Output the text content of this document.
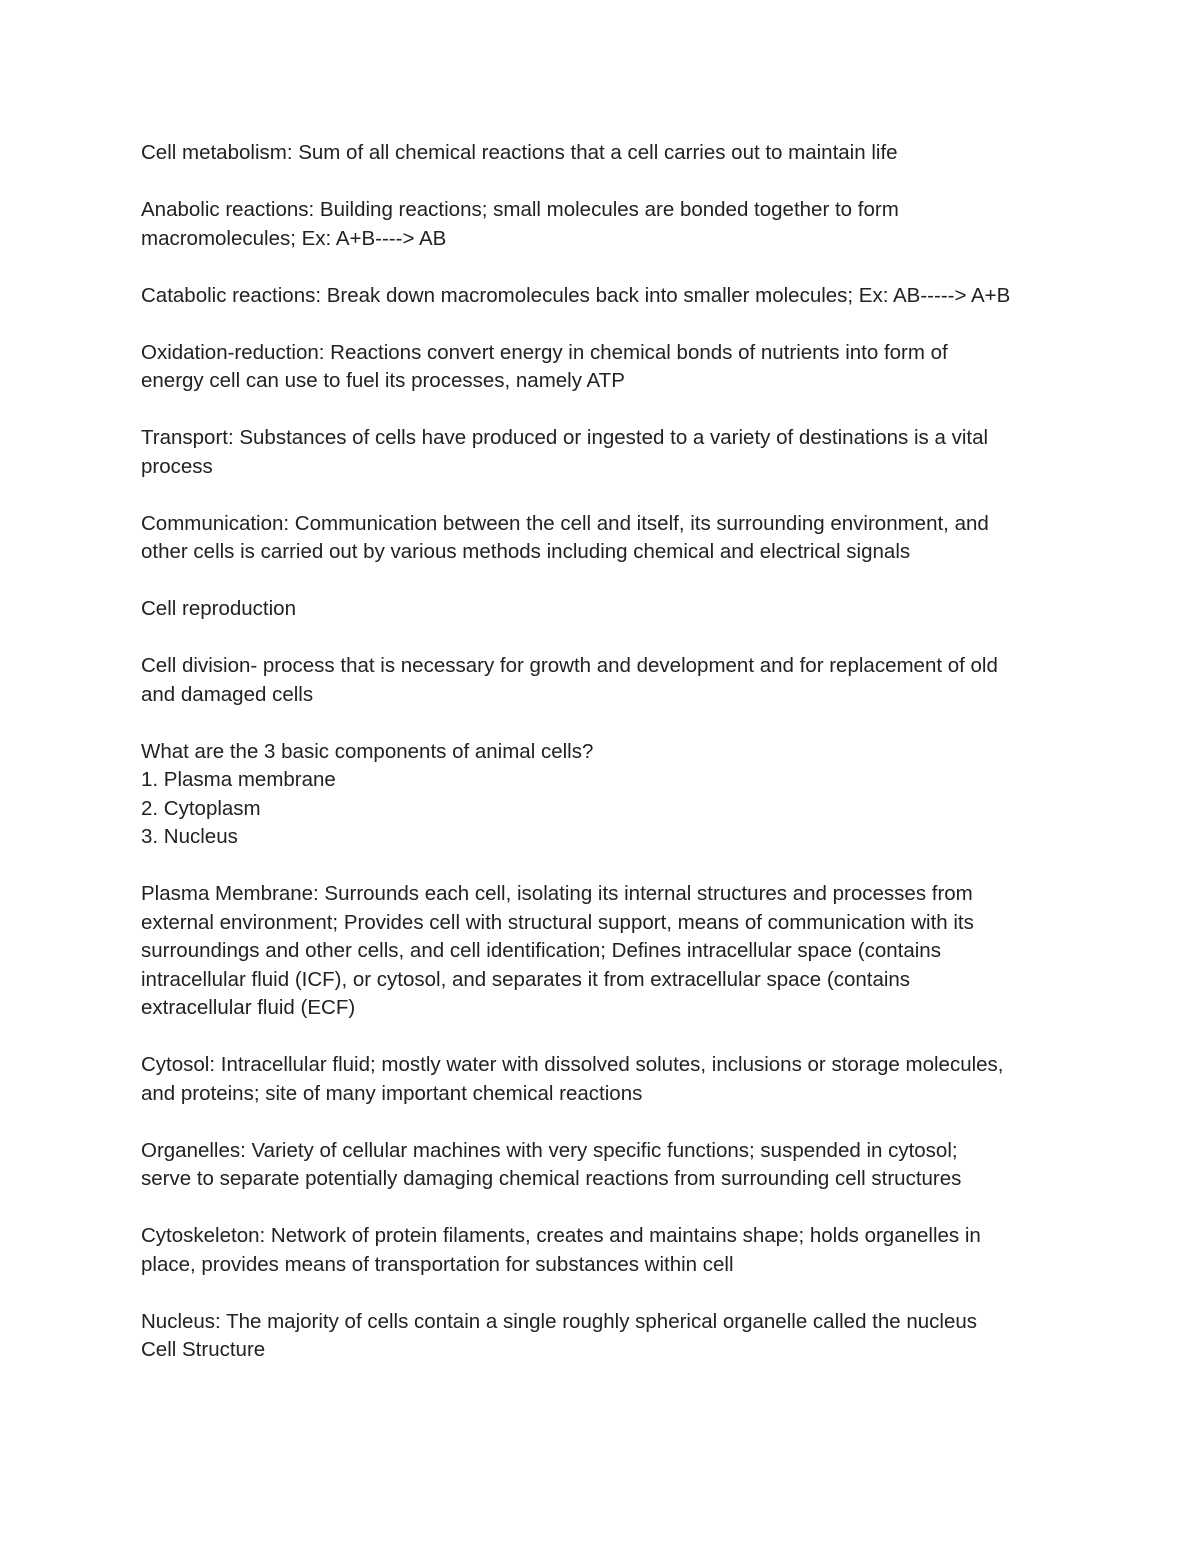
Cell metabolism: Sum of all chemical reactions that a cell carries out to maintain life

Anabolic reactions: Building reactions; small molecules are bonded together to form
macromolecules; Ex: A+B----> AB

Catabolic reactions: Break down macromolecules back into smaller molecules; Ex: AB-----> A+B

Oxidation-reduction: Reactions convert energy in chemical bonds of nutrients into form of
energy cell can use to fuel its processes, namely ATP

Transport: Substances of cells have produced or ingested to a variety of destinations is a vital
process

Communication: Communication between the cell and itself, its surrounding environment, and
other cells is carried out by various methods including chemical and electrical signals

Cell reproduction

Cell division- process that is necessary for growth and development and for replacement of old
and damaged cells

What are the 3 basic components of animal cells?
1. Plasma membrane
2. Cytoplasm
3. Nucleus

Plasma Membrane: Surrounds each cell, isolating its internal structures and processes from
external environment; Provides cell with structural support, means of communication with its
surroundings and other cells, and cell identification; Defines intracellular space (contains
intracellular fluid (ICF), or cytosol, and separates it from extracellular space (contains
extracellular fluid (ECF)

Cytosol: Intracellular fluid; mostly water with dissolved solutes, inclusions or storage molecules,
and proteins; site of many important chemical reactions

Organelles: Variety of cellular machines with very specific functions; suspended in cytosol;
serve to separate potentially damaging chemical reactions from surrounding cell structures

Cytoskeleton: Network of protein filaments, creates and maintains shape; holds organelles in
place, provides means of transportation for substances within cell

Nucleus: The majority of cells contain a single roughly spherical organelle called the nucleus
Cell Structure
